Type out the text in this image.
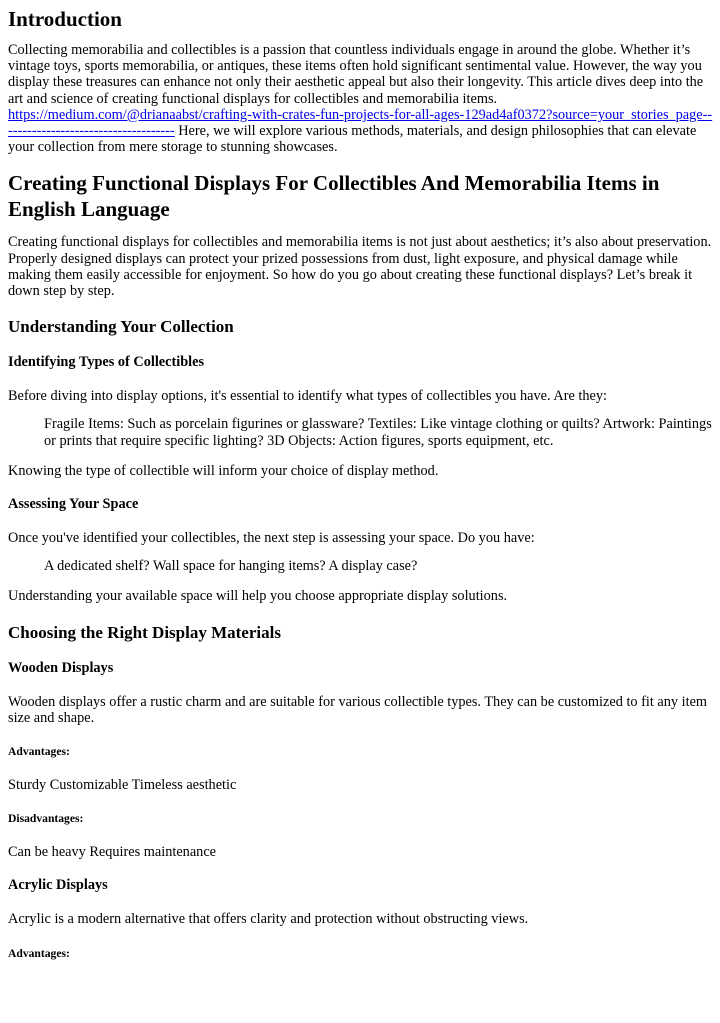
Introduction

Collecting memorabilia and collectibles is a passion that countless individuals engage in around the globe. Whether it’s vintage toys, sports memorabilia, or antiques, these items often hold significant sentimental value. However, the way you display these treasures can enhance not only their aesthetic appeal but also their longevity. This article dives deep into the art and science of creating functional displays for collectibles and memorabilia items. https://medium.com/@drianaabst/crafting-with-crates-fun-projects-for-all-ages-129ad4af0372?source=your_stories_page------------------------------------- Here, we will explore various methods, materials, and design philosophies that can elevate your collection from mere storage to stunning showcases.

Creating Functional Displays For Collectibles And Memorabilia Items in English Language

Creating functional displays for collectibles and memorabilia items is not just about aesthetics; it’s also about preservation. Properly designed displays can protect your prized possessions from dust, light exposure, and physical damage while making them easily accessible for enjoyment. So how do you go about creating these functional displays? Let’s break it down step by step.

Understanding Your Collection
Identifying Types of Collectibles

Before diving into display options, it's essential to identify what types of collectibles you have. Are they:

Fragile Items: Such as porcelain figurines or glassware? Textiles: Like vintage clothing or quilts? Artwork: Paintings or prints that require specific lighting? 3D Objects: Action figures, sports equipment, etc.

Knowing the type of collectible will inform your choice of display method.

Assessing Your Space

Once you've identified your collectibles, the next step is assessing your space. Do you have:

A dedicated shelf? Wall space for hanging items? A display case?

Understanding your available space will help you choose appropriate display solutions.

Choosing the Right Display Materials
Wooden Displays

Wooden displays offer a rustic charm and are suitable for various collectible types. They can be customized to fit any item size and shape.

Advantages:

Sturdy Customizable Timeless aesthetic

Disadvantages:

Can be heavy Requires maintenance

Acrylic Displays

Acrylic is a modern alternative that offers clarity and protection without obstructing views.

Advantages:
